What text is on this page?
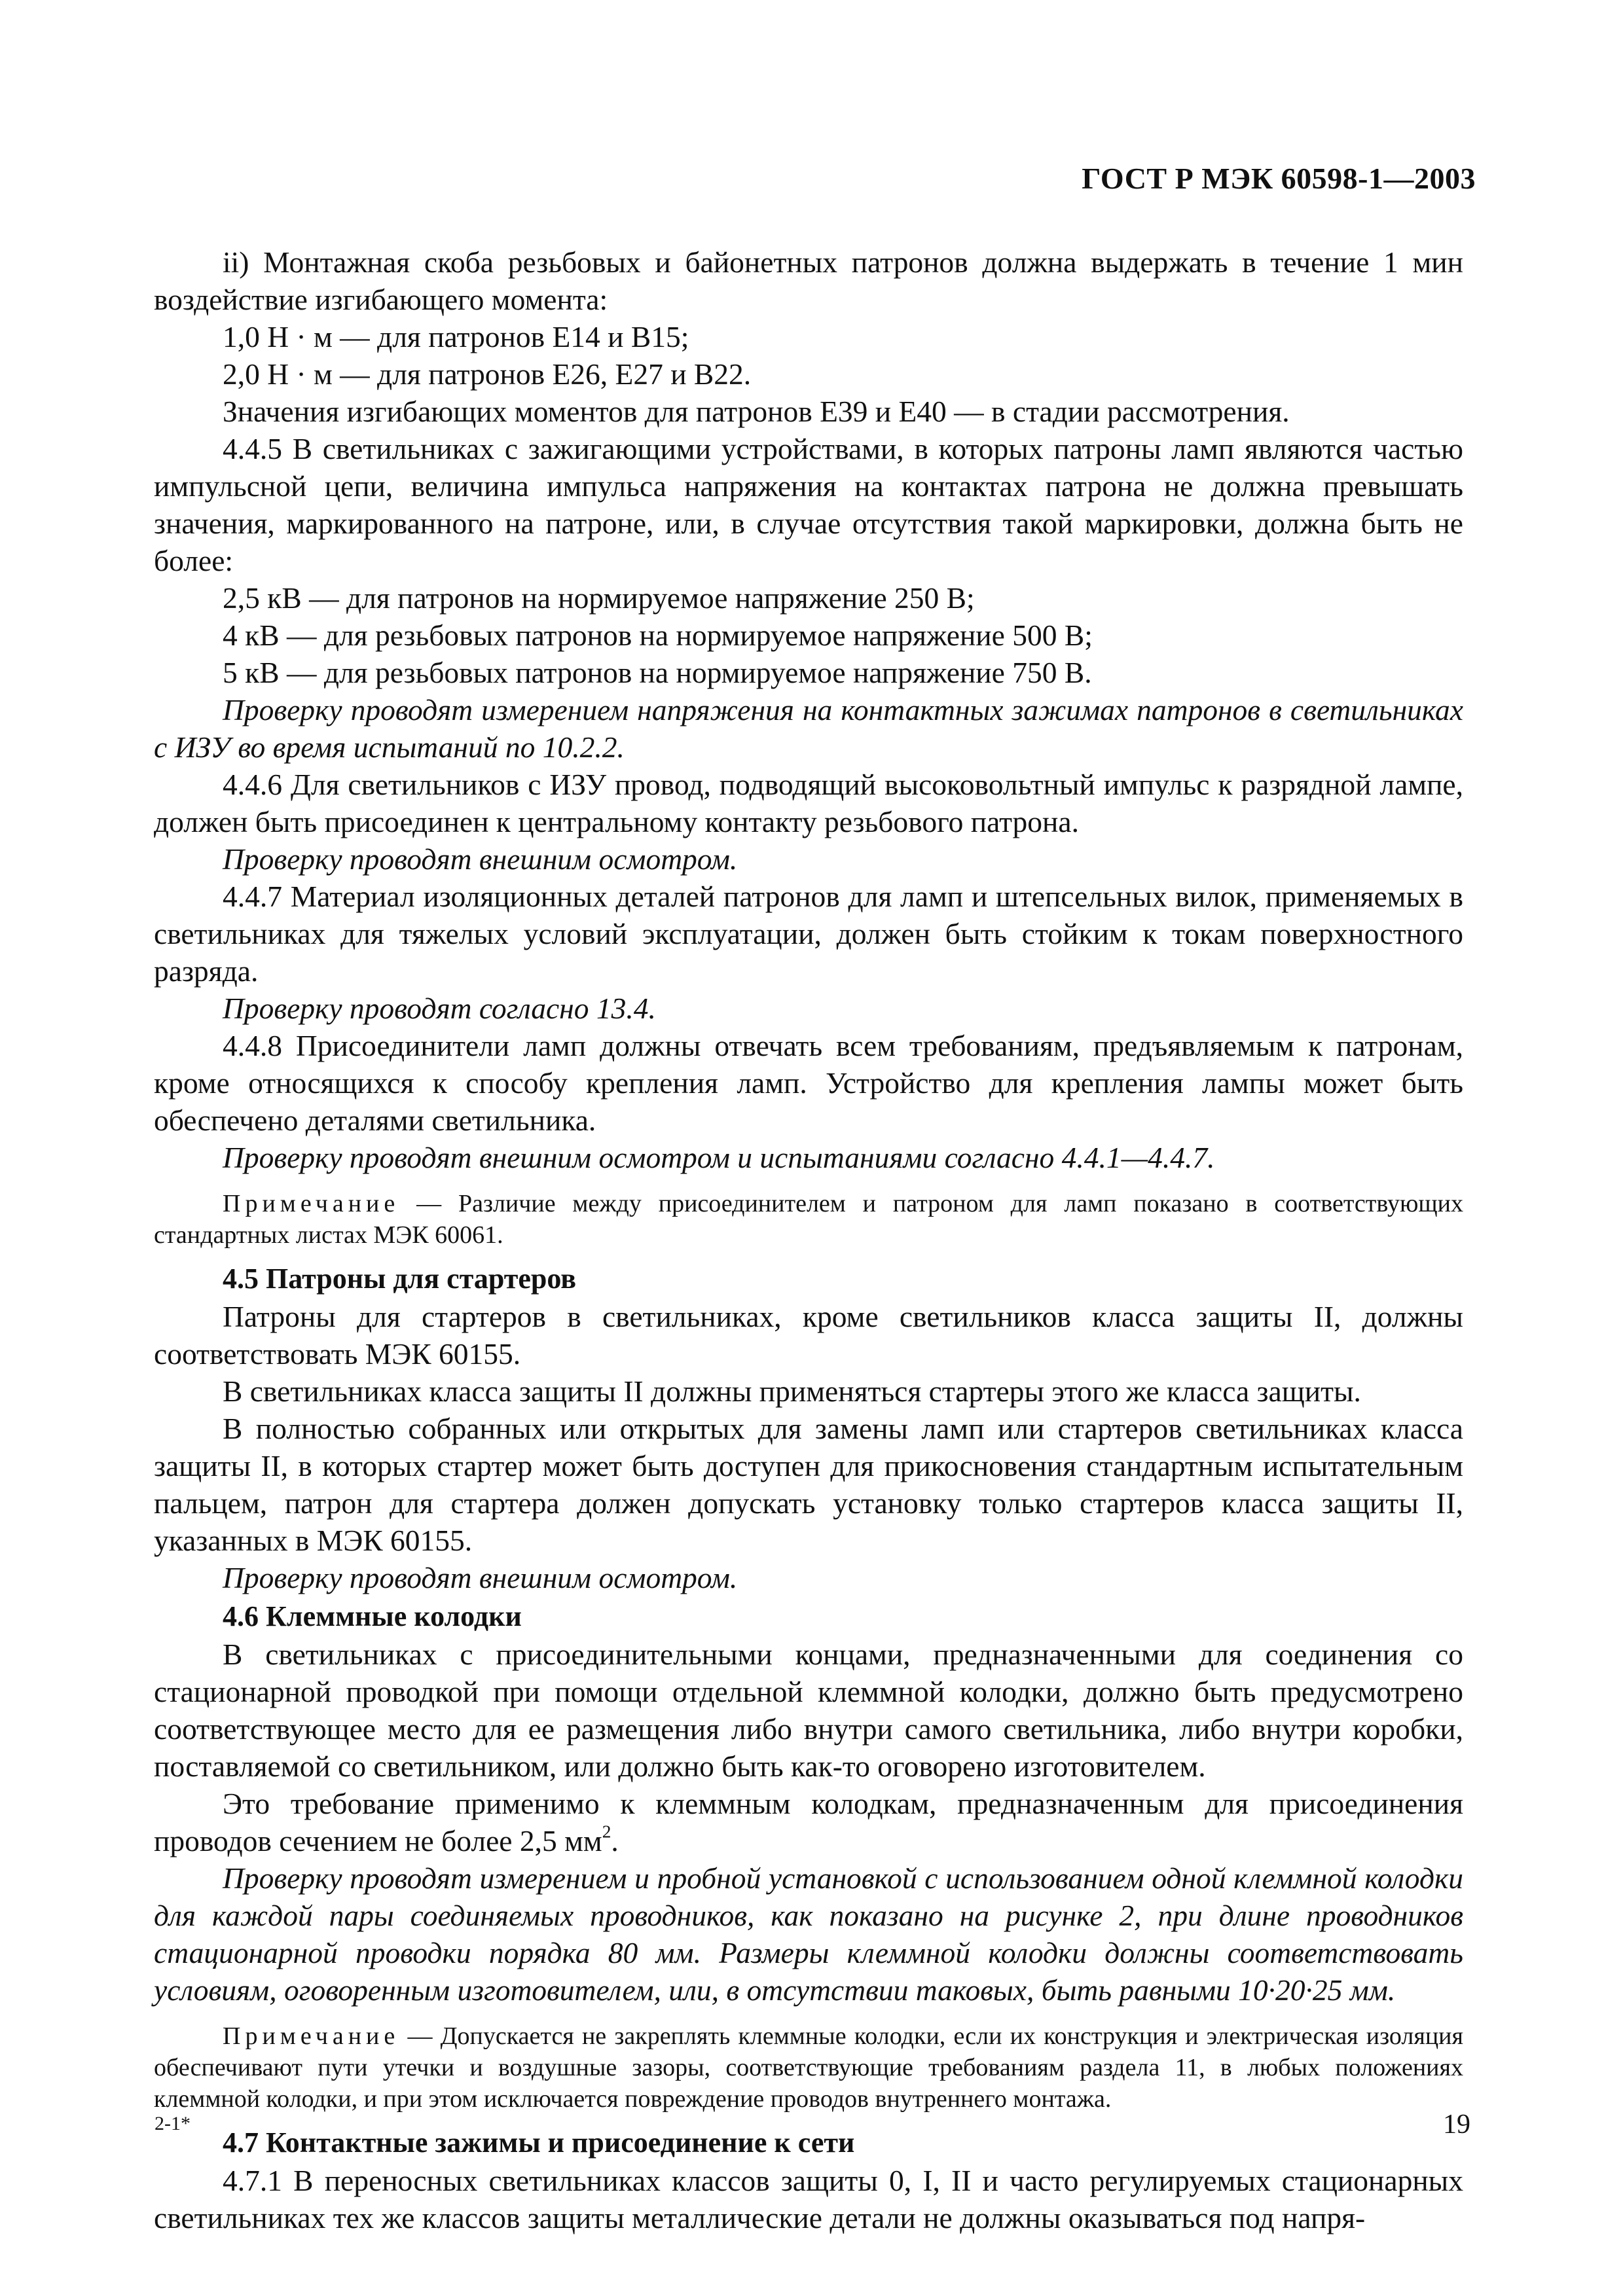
ГОСТ Р МЭК 60598-1—2003

ii) Монтажная скоба резьбовых и байонетных патронов должна выдержать в течение 1 мин воздействие изгибающего момента:

1,0 Н · м — для патронов Е14 и В15;

2,0 Н · м — для патронов Е26, Е27 и В22.

Значения изгибающих моментов для патронов Е39 и Е40 — в стадии рассмотрения.

4.4.5 В светильниках с зажигающими устройствами, в которых патроны ламп являются частью импульсной цепи, величина импульса напряжения на контактах патрона не должна превышать значения, маркированного на патроне, или, в случае отсутствия такой маркировки, должна быть не более:

2,5 кВ — для патронов на нормируемое напряжение 250 В;

4 кВ — для резьбовых патронов на нормируемое напряжение 500 В;

5 кВ — для резьбовых патронов на нормируемое напряжение 750 В.

Проверку проводят измерением напряжения на контактных зажимах патронов в светильниках с ИЗУ во время испытаний по 10.2.2.

4.4.6 Для светильников с ИЗУ провод, подводящий высоковольтный импульс к разрядной лампе, должен быть присоединен к центральному контакту резьбового патрона.

Проверку проводят внешним осмотром.

4.4.7 Материал изоляционных деталей патронов для ламп и штепсельных вилок, применяемых в светильниках для тяжелых условий эксплуатации, должен быть стойким к токам поверхностного разряда.

Проверку проводят согласно 13.4.

4.4.8 Присоединители ламп должны отвечать всем требованиям, предъявляемым к патронам, кроме относящихся к способу крепления ламп. Устройство для крепления лампы может быть обеспечено деталями светильника.

Проверку проводят внешним осмотром и испытаниями согласно 4.4.1—4.4.7.

Примечание — Различие между присоединителем и патроном для ламп показано в соответствующих стандартных листах МЭК 60061.

4.5 Патроны для стартеров

Патроны для стартеров в светильниках, кроме светильников класса защиты II, должны соответствовать МЭК 60155.

В светильниках класса защиты II должны применяться стартеры этого же класса защиты.

В полностью собранных или открытых для замены ламп или стартеров светильниках класса защиты II, в которых стартер может быть доступен для прикосновения стандартным испытательным пальцем, патрон для стартера должен допускать установку только стартеров класса защиты II, указанных в МЭК 60155.

Проверку проводят внешним осмотром.

4.6 Клеммные колодки

В светильниках с присоединительными концами, предназначенными для соединения со стационарной проводкой при помощи отдельной клеммной колодки, должно быть предусмотрено соответствующее место для ее размещения либо внутри самого светильника, либо внутри коробки, поставляемой со светильником, или должно быть как-то оговорено изготовителем.

Это требование применимо к клеммным колодкам, предназначенным для присоединения проводов сечением не более 2,5 $мм^2$.

Проверку проводят измерением и пробной установкой с использованием одной клеммной колодки для каждой пары соединяемых проводников, как показано на рисунке 2, при длине проводников стационарной проводки порядка 80 мм. Размеры клеммной колодки должны соответствовать условиям, оговоренным изготовителем, или, в отсутствии таковых, быть равными 10·20·25 мм.

Примечание — Допускается не закреплять клеммные колодки, если их конструкция и электрическая изоляция обеспечивают пути утечки и воздушные зазоры, соответствующие требованиям раздела 11, в любых положениях клеммной колодки, и при этом исключается повреждение проводов внутреннего монтажа.

4.7 Контактные зажимы и присоединение к сети

4.7.1 В переносных светильниках классов защиты 0, I, II и часто регулируемых стационарных светильниках тех же классов защиты металлические детали не должны оказываться под напря-

2-1*	19
